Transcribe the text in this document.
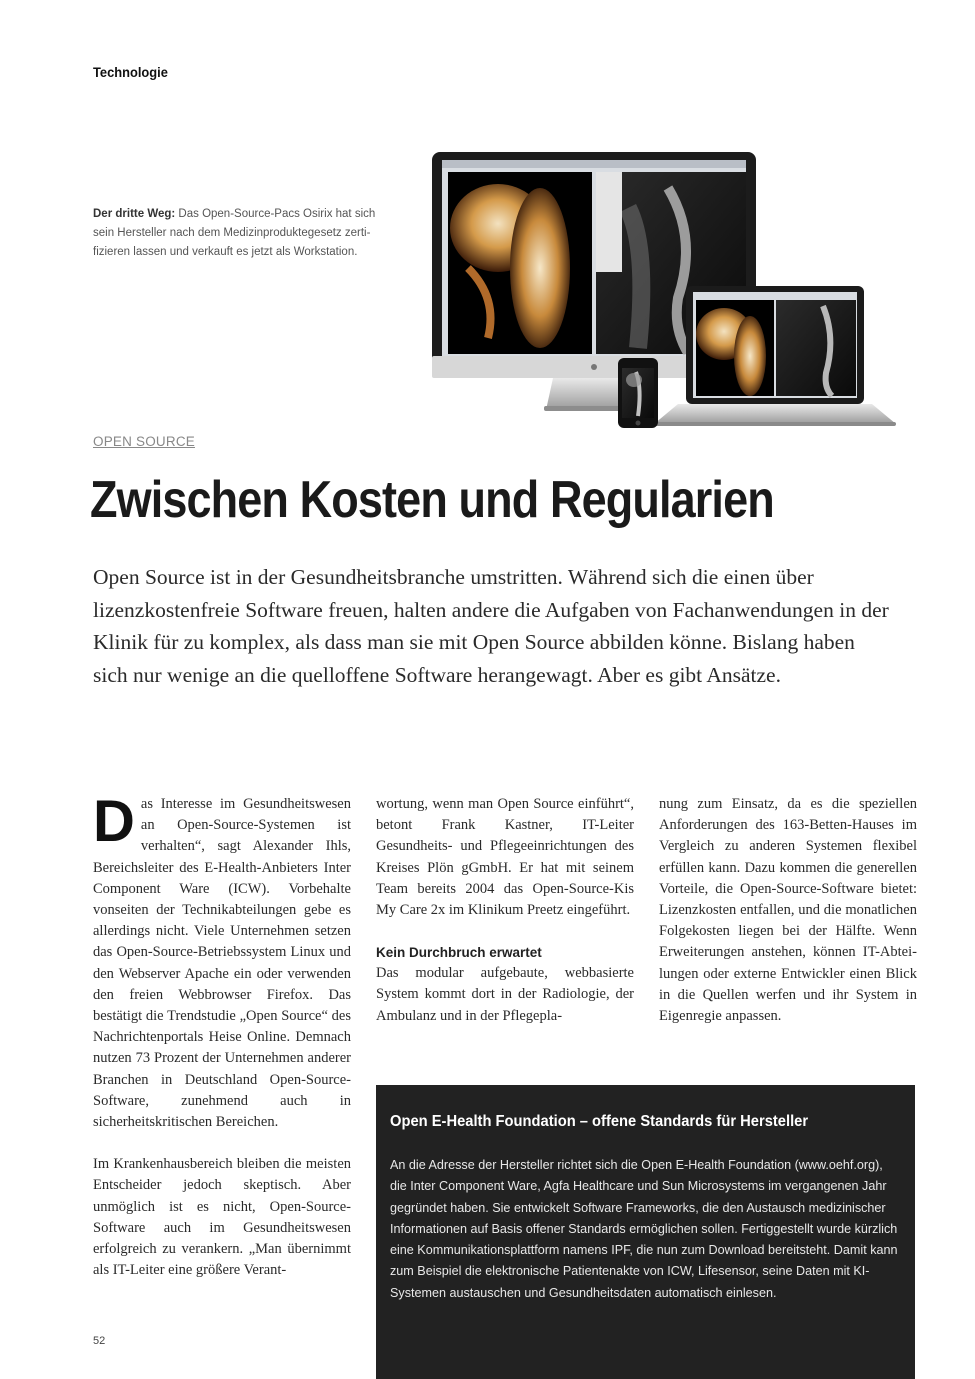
Technologie
Der dritte Weg: Das Open-Source-Pacs Osirix hat sich sein Hersteller nach dem Medizinproduktegesetz zertifizieren lassen und verkauft es jetzt als Workstation.
OPEN SOURCE
Zwischen Kosten und Regularien

Open Source ist in der Gesundheitsbranche umstritten. Während sich die einen über lizenzkostenfreie Software freuen, halten andere die Aufgaben von Fachanwendungen in der Klinik für zu komplex, als dass man sie mit Open Source abbilden könne. Bislang haben sich nur wenige an die quelloffene Software herangewagt. Aber es gibt Ansätze.

Das Interesse im Gesundheitswesen an Open-Source-Systemen ist verhalten“, sagt Alexander Ihls, Bereichsleiter des E-Health-Anbieters Inter Component Ware (ICW). Vorbehalte vonseiten der Technikabteilungen gebe es allerdings nicht. Viele Unternehmen setzen das Open-Source-Betriebssystem Linux und den Webserver Apache ein oder verwenden den freien Webbrowser Firefox. Das bestätigt die Trendstudie „Open Source“ des Nachrichtenportals Heise Online. Demnach nutzen 73 Prozent der Unternehmen anderer Branchen in Deutschland Open-Source-Software, zunehmend auch in sicherheitskritischen Bereichen.

Im Krankenhausbereich bleiben die meisten Entscheider jedoch skeptisch. Aber unmöglich ist es nicht, Open-Source-Software auch im Gesundheitswesen erfolgreich zu verankern. „Man übernimmt als IT-Leiter eine größere Verant-

wortung, wenn man Open Source einführt“, betont Frank Kastner, IT-Leiter Gesundheits- und Pflegeeinrichtungen des Kreises Plön gGmbH. Er hat mit seinem Team bereits 2004 das Open-Source-Kis My Care 2x im Klinikum Preetz eingeführt.

Kein Durchbruch erwartet

Das modular aufgebaute, webbasierte System kommt dort in der Radiologie, der Ambulanz und in der Pflegepla-

nung zum Einsatz, da es die speziellen Anforderungen des 163-Betten-Hauses im Vergleich zu anderen Systemen flexibel erfüllen kann. Dazu kommen die generellen Vorteile, die Open-Source-Software bietet: Lizenzkosten entfallen, und die monatlichen Folgekosten liegen bei der Hälfte. Wenn Erweiterungen anstehen, können IT-Abteilungen oder externe Entwickler einen Blick in die Quellen werfen und ihr System in Eigenregie anpassen.

Open E-Health Foundation – offene Standards für Hersteller

An die Adresse der Hersteller richtet sich die Open E-Health Foundation (www.oehf.org), die Inter Component Ware, Agfa Healthcare und Sun Microsystems im vergangenen Jahr gegründet haben. Sie entwickelt Software Frameworks, die den Austausch medizinischer Informationen auf Basis offener Standards ermöglichen sollen. Fertiggestellt wurde kürzlich eine Kommunikationsplattform namens IPF, die nun zum Download bereitsteht. Damit kann zum Beispiel die elektronische Patientenakte von ICW, Lifesensor, seine Daten mit KI-Systemen austauschen und Gesundheitsdaten automatisch einlesen.

52
